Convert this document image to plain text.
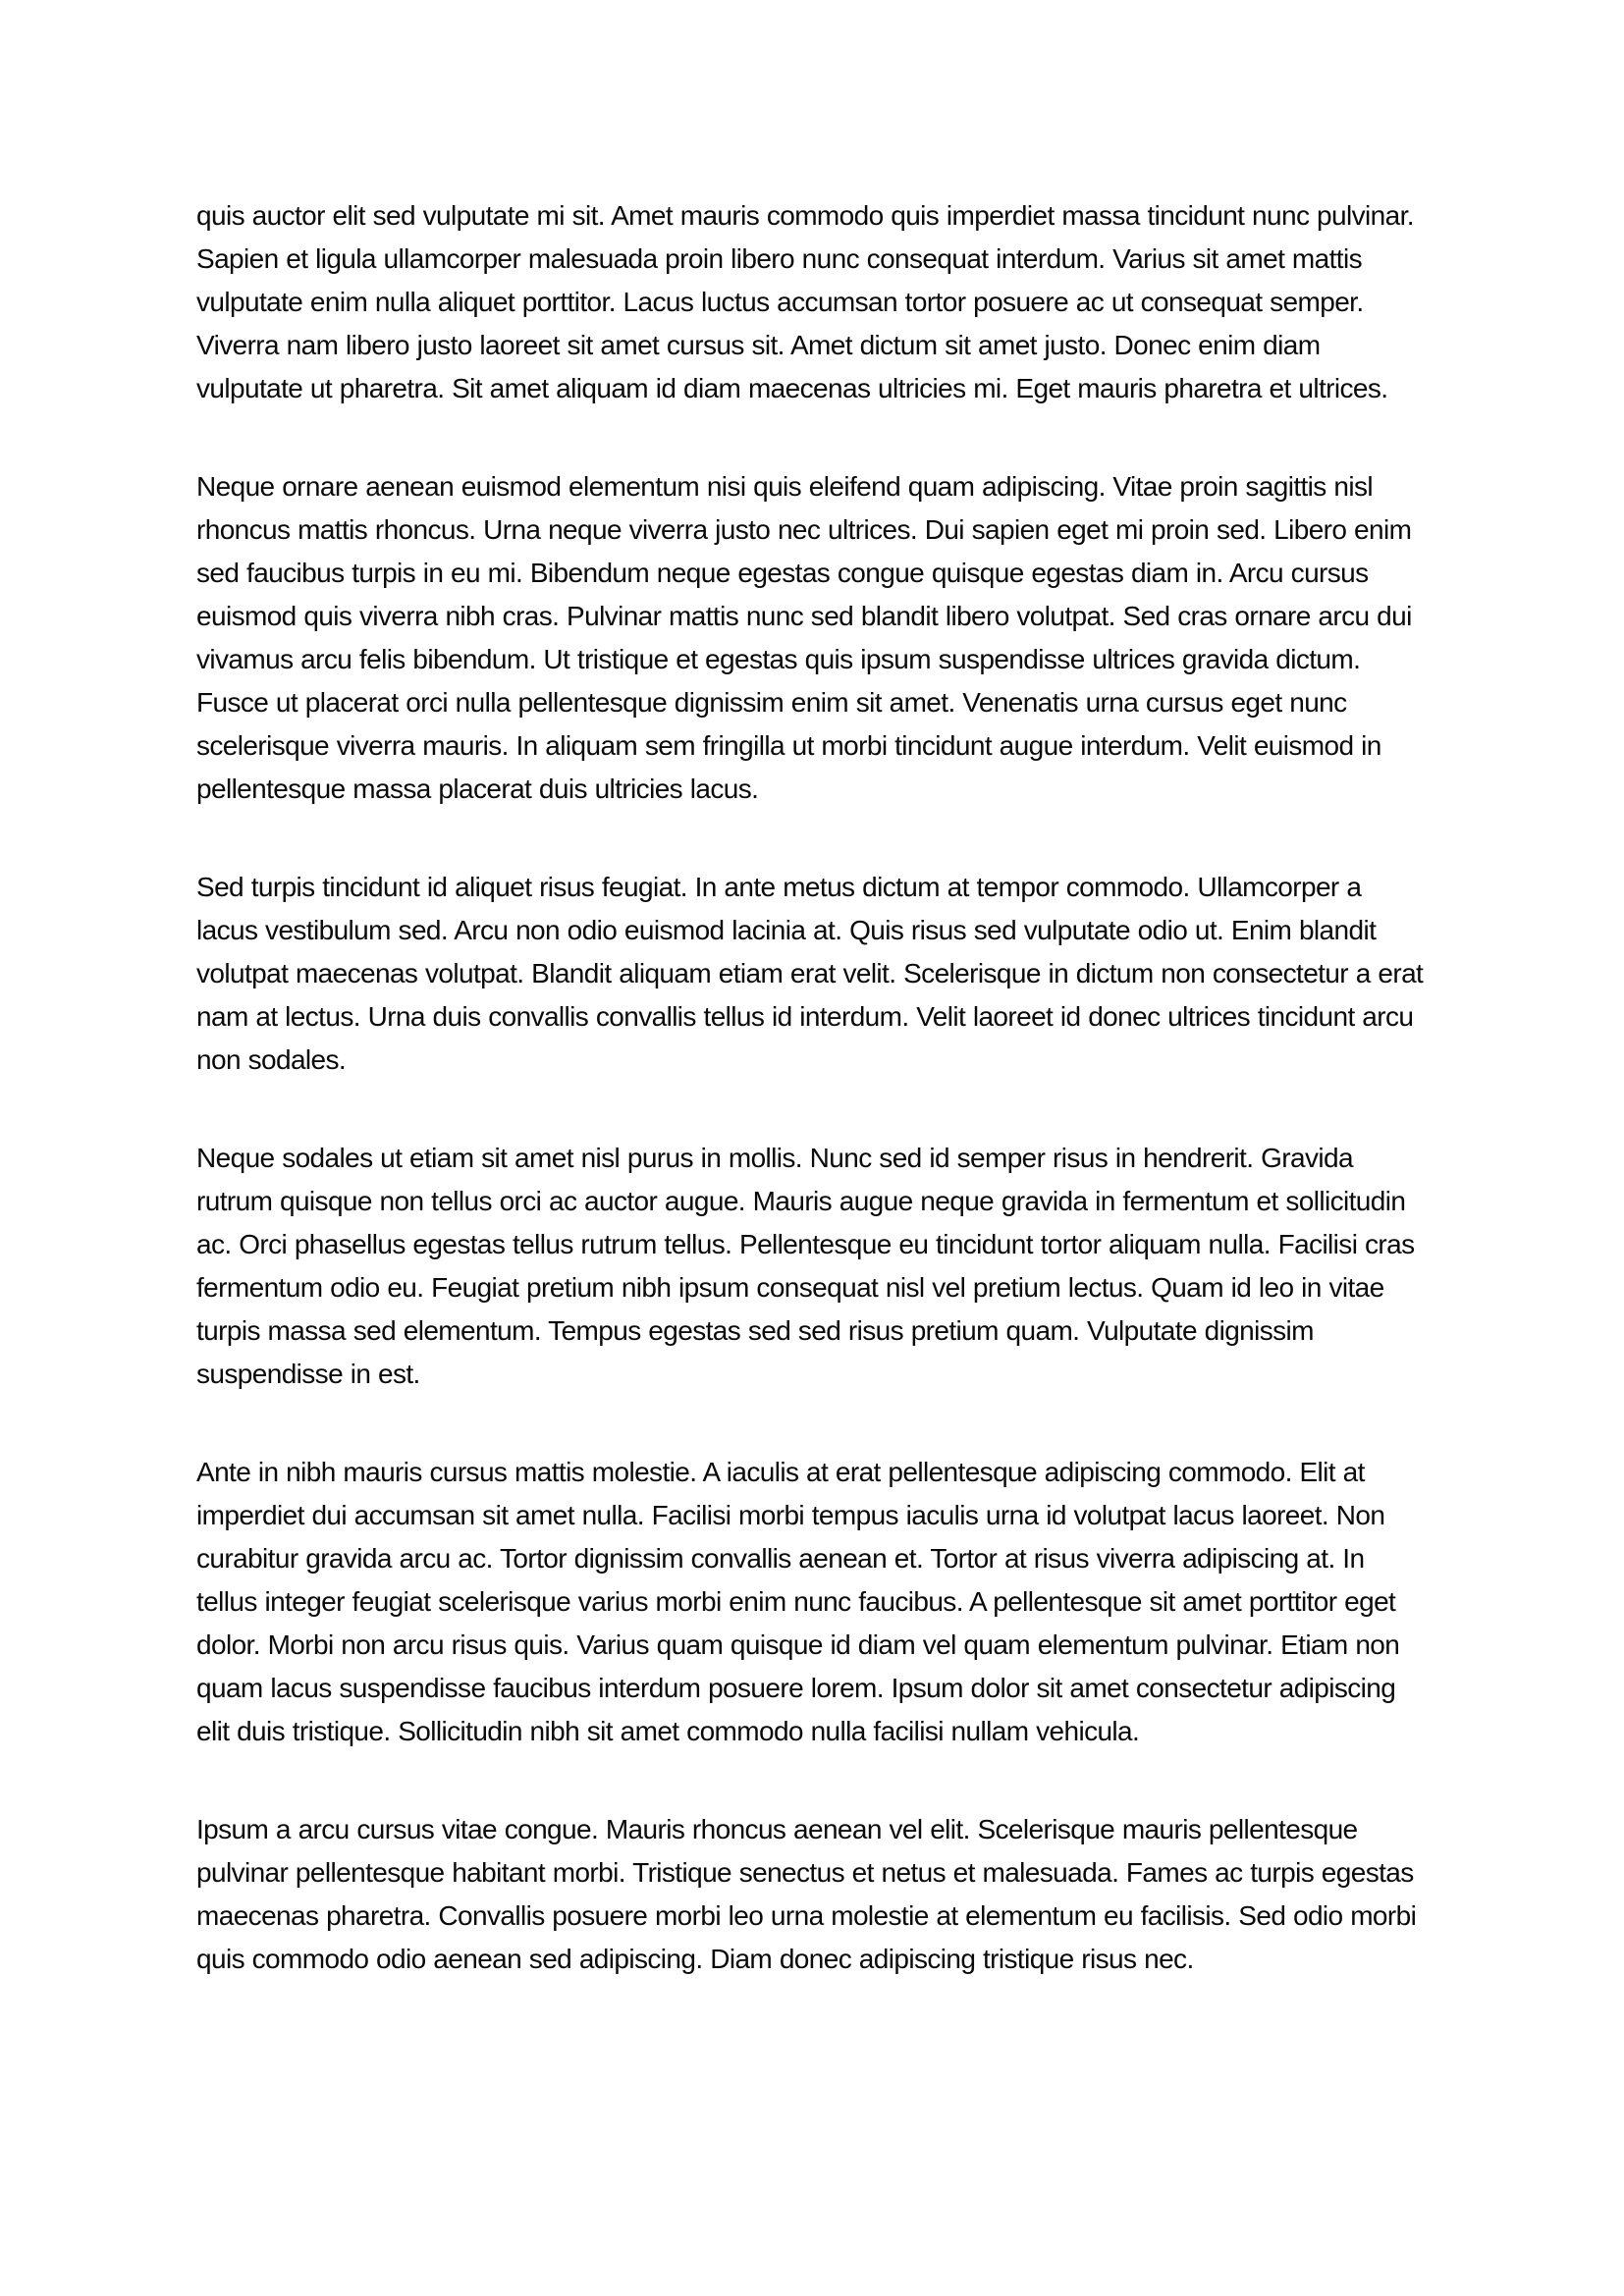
quis auctor elit sed vulputate mi sit. Amet mauris commodo quis imperdiet massa tincidunt nunc pulvinar. Sapien et ligula ullamcorper malesuada proin libero nunc consequat interdum. Varius sit amet mattis vulputate enim nulla aliquet porttitor. Lacus luctus accumsan tortor posuere ac ut consequat semper. Viverra nam libero justo laoreet sit amet cursus sit. Amet dictum sit amet justo. Donec enim diam vulputate ut pharetra. Sit amet aliquam id diam maecenas ultricies mi. Eget mauris pharetra et ultrices.

Neque ornare aenean euismod elementum nisi quis eleifend quam adipiscing. Vitae proin sagittis nisl rhoncus mattis rhoncus. Urna neque viverra justo nec ultrices. Dui sapien eget mi proin sed. Libero enim sed faucibus turpis in eu mi. Bibendum neque egestas congue quisque egestas diam in. Arcu cursus euismod quis viverra nibh cras. Pulvinar mattis nunc sed blandit libero volutpat. Sed cras ornare arcu dui vivamus arcu felis bibendum. Ut tristique et egestas quis ipsum suspendisse ultrices gravida dictum. Fusce ut placerat orci nulla pellentesque dignissim enim sit amet. Venenatis urna cursus eget nunc scelerisque viverra mauris. In aliquam sem fringilla ut morbi tincidunt augue interdum. Velit euismod in pellentesque massa placerat duis ultricies lacus.

Sed turpis tincidunt id aliquet risus feugiat. In ante metus dictum at tempor commodo. Ullamcorper a lacus vestibulum sed. Arcu non odio euismod lacinia at. Quis risus sed vulputate odio ut. Enim blandit volutpat maecenas volutpat. Blandit aliquam etiam erat velit. Scelerisque in dictum non consectetur a erat nam at lectus. Urna duis convallis convallis tellus id interdum. Velit laoreet id donec ultrices tincidunt arcu non sodales.

Neque sodales ut etiam sit amet nisl purus in mollis. Nunc sed id semper risus in hendrerit. Gravida rutrum quisque non tellus orci ac auctor augue. Mauris augue neque gravida in fermentum et sollicitudin ac. Orci phasellus egestas tellus rutrum tellus. Pellentesque eu tincidunt tortor aliquam nulla. Facilisi cras fermentum odio eu. Feugiat pretium nibh ipsum consequat nisl vel pretium lectus. Quam id leo in vitae turpis massa sed elementum. Tempus egestas sed sed risus pretium quam. Vulputate dignissim suspendisse in est.

Ante in nibh mauris cursus mattis molestie. A iaculis at erat pellentesque adipiscing commodo. Elit at imperdiet dui accumsan sit amet nulla. Facilisi morbi tempus iaculis urna id volutpat lacus laoreet. Non curabitur gravida arcu ac. Tortor dignissim convallis aenean et. Tortor at risus viverra adipiscing at. In tellus integer feugiat scelerisque varius morbi enim nunc faucibus. A pellentesque sit amet porttitor eget dolor. Morbi non arcu risus quis. Varius quam quisque id diam vel quam elementum pulvinar. Etiam non quam lacus suspendisse faucibus interdum posuere lorem. Ipsum dolor sit amet consectetur adipiscing elit duis tristique. Sollicitudin nibh sit amet commodo nulla facilisi nullam vehicula.

Ipsum a arcu cursus vitae congue. Mauris rhoncus aenean vel elit. Scelerisque mauris pellentesque pulvinar pellentesque habitant morbi. Tristique senectus et netus et malesuada. Fames ac turpis egestas maecenas pharetra. Convallis posuere morbi leo urna molestie at elementum eu facilisis. Sed odio morbi quis commodo odio aenean sed adipiscing. Diam donec adipiscing tristique risus nec.
